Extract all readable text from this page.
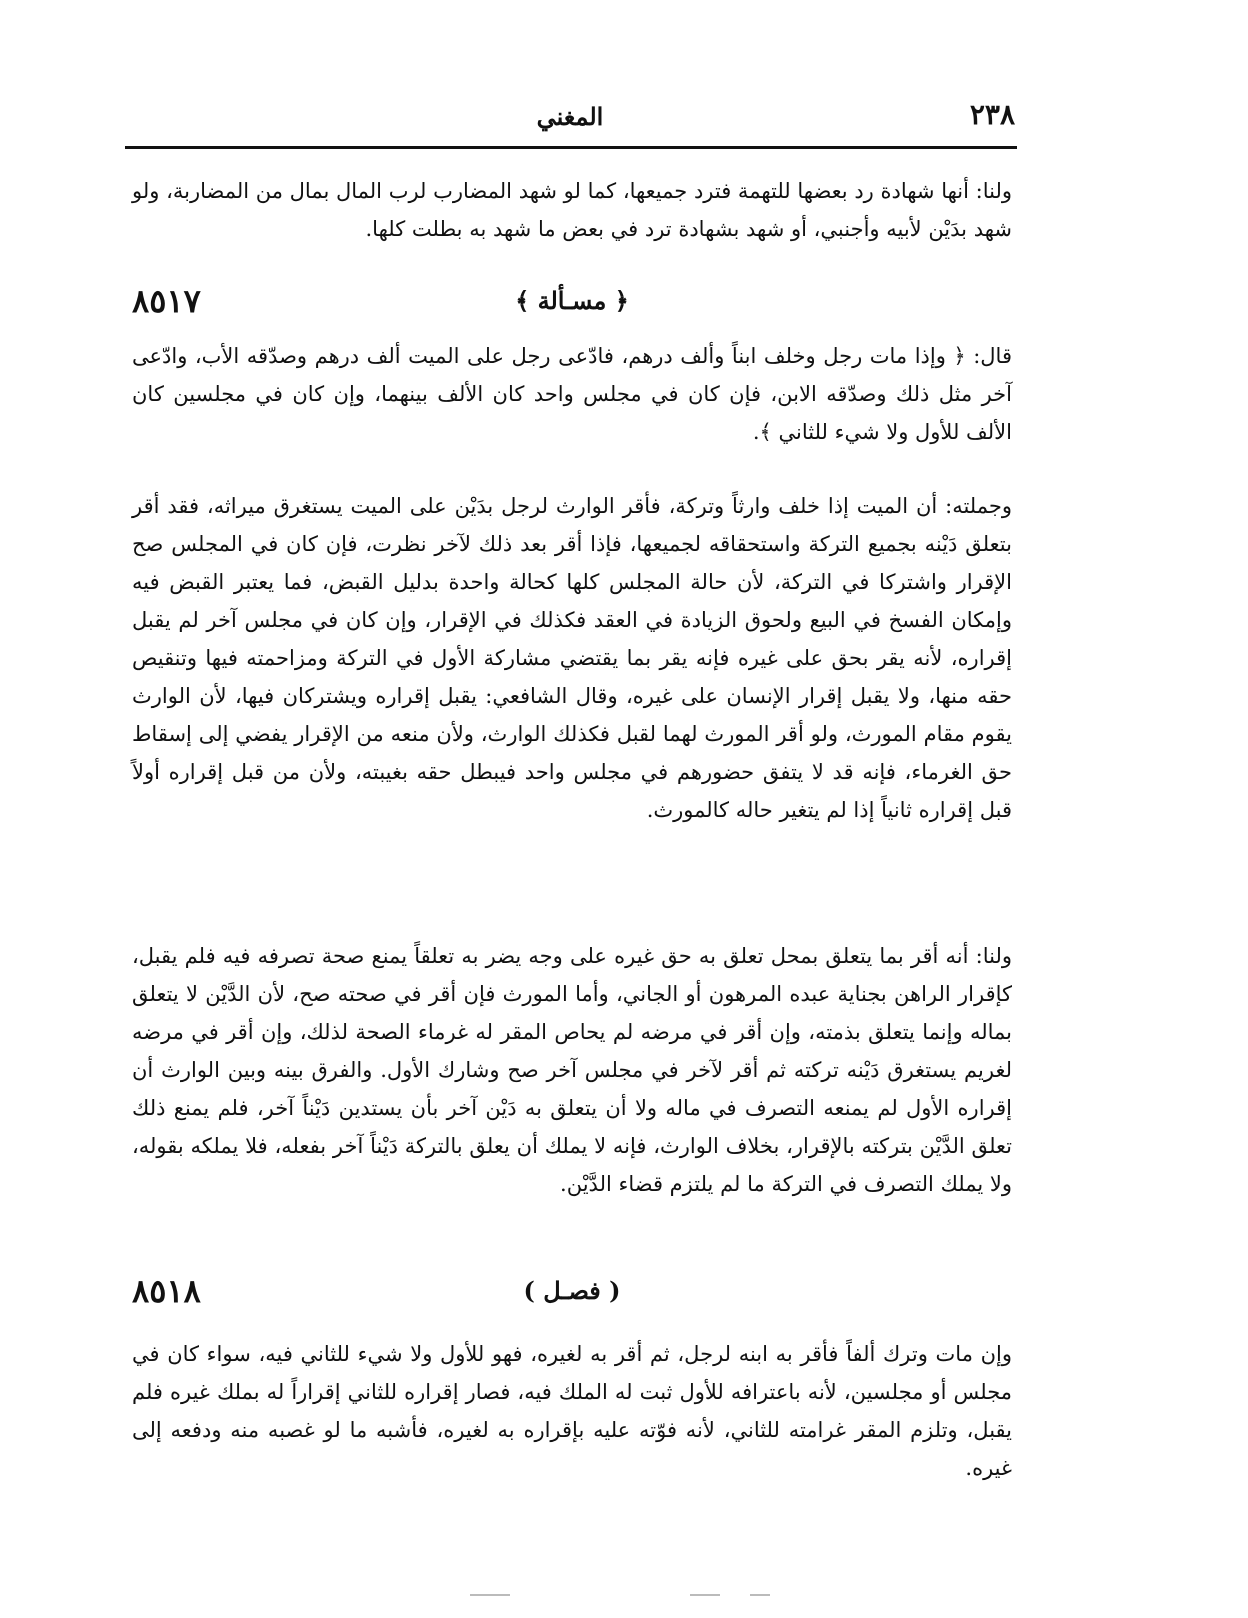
٢٣٨
المغني

ولنا: أنها شهادة رد بعضها للتهمة فترد جميعها، كما لو شهد المضارب لرب المال بمال من المضاربة، ولو شهد بدَيْن لأبيه وأجنبي، أو شهد بشهادة ترد في بعض ما شهد به بطلت كلها.

٨٥١٧	﴿ مسـألة ﴾

قال: ﴿ وإذا مات رجل وخلف ابناً وألف درهم، فادّعى رجل على الميت ألف درهم وصدّقه الأب، وادّعى آخر مثل ذلك وصدّقه الابن، فإن كان في مجلس واحد كان الألف بينهما، وإن كان في مجلسين كان الألف للأول ولا شيء للثاني ﴾.

وجملته: أن الميت إذا خلف وارثاً وتركة، فأقر الوارث لرجل بدَيْن على الميت يستغرق ميراثه، فقد أقر بتعلق دَيْنه بجميع التركة واستحقاقه لجميعها، فإذا أقر بعد ذلك لآخر نظرت، فإن كان في المجلس صح الإقرار واشتركا في التركة، لأن حالة المجلس كلها كحالة واحدة بدليل القبض، فما يعتبر القبض فيه وإمكان الفسخ في البيع ولحوق الزيادة في العقد فكذلك في الإقرار، وإن كان في مجلس آخر لم يقبل إقراره، لأنه يقر بحق على غيره فإنه يقر بما يقتضي مشاركة الأول في التركة ومزاحمته فيها وتنقيص حقه منها، ولا يقبل إقرار الإنسان على غيره، وقال الشافعي: يقبل إقراره ويشتركان فيها، لأن الوارث يقوم مقام المورث، ولو أقر المورث لهما لقبل فكذلك الوارث، ولأن منعه من الإقرار يفضي إلى إسقاط حق الغرماء، فإنه قد لا يتفق حضورهم في مجلس واحد فيبطل حقه بغيبته، ولأن من قبل إقراره أولاً قبل إقراره ثانياً إذا لم يتغير حاله كالمورث.

ولنا: أنه أقر بما يتعلق بمحل تعلق به حق غيره على وجه يضر به تعلقاً يمنع صحة تصرفه فيه فلم يقبل، كإقرار الراهن بجناية عبده المرهون أو الجاني، وأما المورث فإن أقر في صحته صح، لأن الدَّيْن لا يتعلق بماله وإنما يتعلق بذمته، وإن أقر في مرضه لم يحاص المقر له غرماء الصحة لذلك، وإن أقر في مرضه لغريم يستغرق دَيْنه تركته ثم أقر لآخر في مجلس آخر صح وشارك الأول. والفرق بينه وبين الوارث أن إقراره الأول لم يمنعه التصرف في ماله ولا أن يتعلق به دَيْن آخر بأن يستدين دَيْناً آخر، فلم يمنع ذلك تعلق الدَّيْن بتركته بالإقرار، بخلاف الوارث، فإنه لا يملك أن يعلق بالتركة دَيْناً آخر بفعله، فلا يملكه بقوله، ولا يملك التصرف في التركة ما لم يلتزم قضاء الدَّيْن.

٨٥١٨	( فصـل )

وإن مات وترك ألفاً فأقر به ابنه لرجل، ثم أقر به لغيره، فهو للأول ولا شيء للثاني فيه، سواء كان في مجلس أو مجلسين، لأنه باعترافه للأول ثبت له الملك فيه، فصار إقراره للثاني إقراراً له بملك غيره فلم يقبل، وتلزم المقر غرامته للثاني، لأنه فوّته عليه بإقراره به لغيره، فأشبه ما لو غصبه منه ودفعه إلى غيره.
